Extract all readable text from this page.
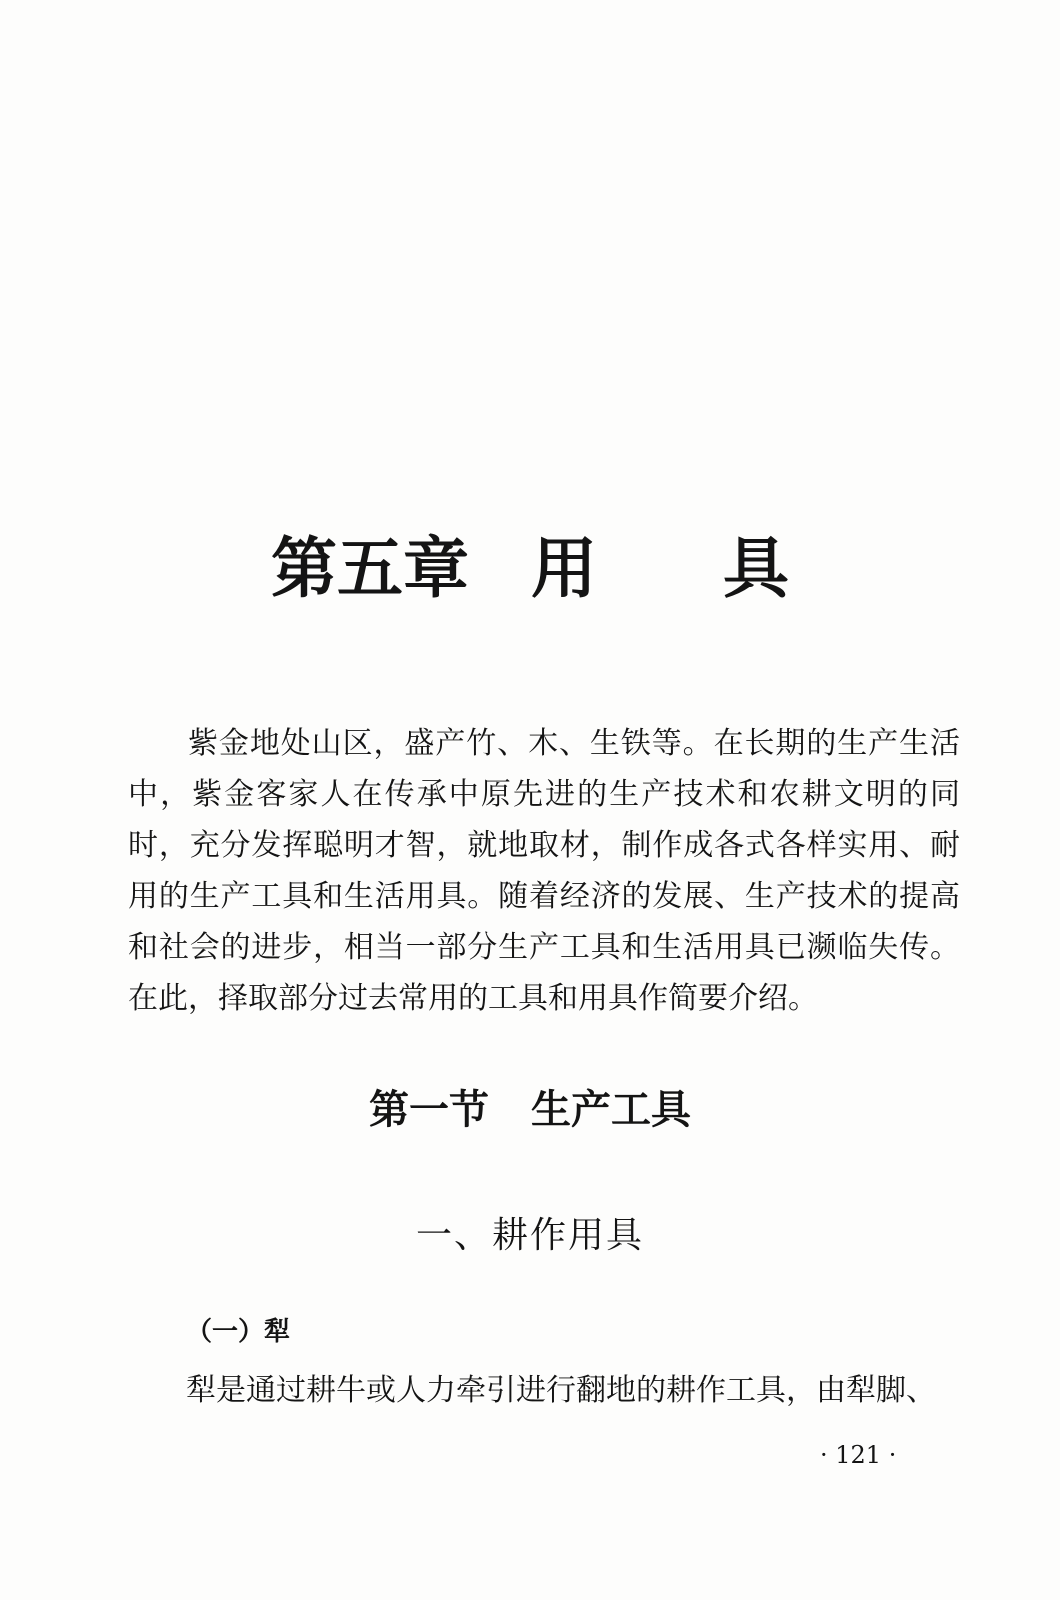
第五章 用 具

紫金地处山区，盛产竹、木、生铁等。在长期的生产生活中，紫金客家人在传承中原先进的生产技术和农耕文明的同时，充分发挥聪明才智，就地取材，制作成各式各样实用、耐用的生产工具和生活用具。随着经济的发展、生产技术的提高和社会的进步，相当一部分生产工具和生活用具已濒临失传。在此，择取部分过去常用的工具和用具作简要介绍。

第一节 生产工具
一、耕作用具
（一）犁

犁是通过耕牛或人力牵引进行翻地的耕作工具，由犁脚、

· 121 ·
